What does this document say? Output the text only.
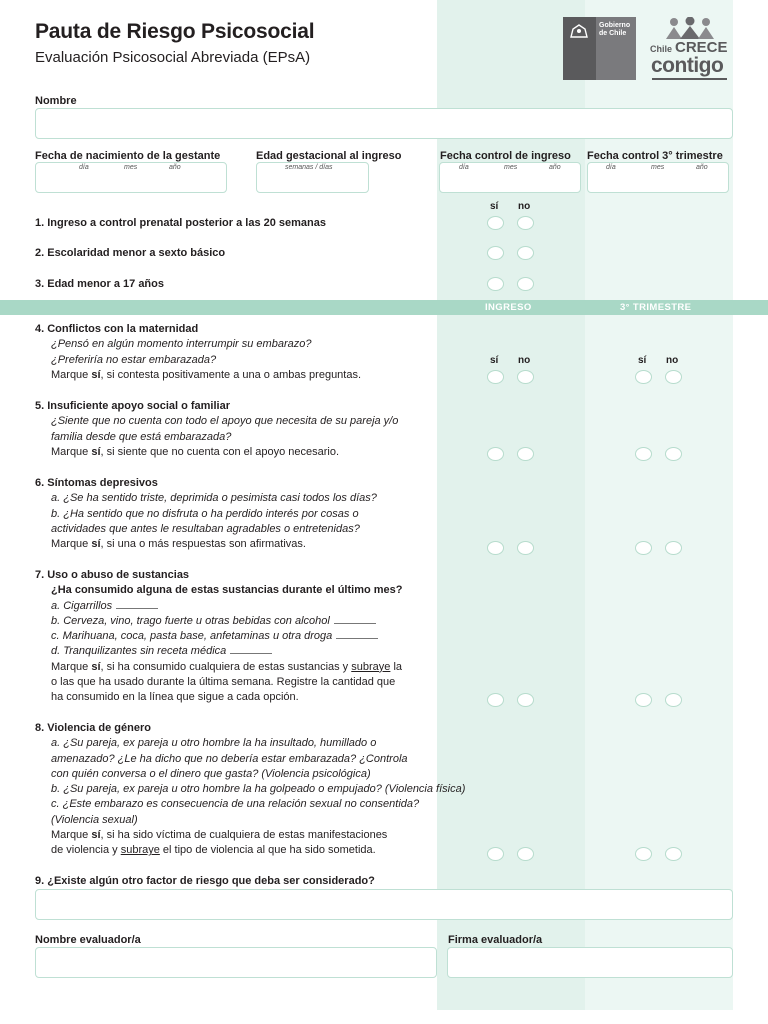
Pauta de Riesgo Psicosocial
Evaluación Psicosocial Abreviada (EPsA)
Gobierno de Chile
Chile CRECE
contigo
Nombre
Fecha de nacimiento de la gestante
día	mes	año
Edad gestacional al ingreso
semanas / días
Fecha control de ingreso
día	mes	año
Fecha control 3° trimestre
día	mes	año
sí no
1. Ingreso a control prenatal posterior a las 20 semanas
2. Escolaridad menor a sexto básico
3. Edad menor a 17 años
INGRESO	3° TRIMESTRE
4. Conflictos con la maternidad
¿Pensó en algún momento interrumpir su embarazo?
¿Preferiría no estar embarazada?
Marque sí, si contesta positivamente a una o ambas preguntas.
sí no	sí no
5. Insuficiente apoyo social o familiar
¿Siente que no cuenta con todo el apoyo que necesita de su pareja y/o
familia desde que está embarazada?
Marque sí, si siente que no cuenta con el apoyo necesario.
6. Síntomas depresivos
a. ¿Se ha sentido triste, deprimida o pesimista casi todos los días?
b. ¿Ha sentido que no disfruta o ha perdido interés por cosas o
actividades que antes le resultaban agradables o entretenidas?
Marque sí, si una o más respuestas son afirmativas.
7. Uso o abuso de sustancias
¿Ha consumido alguna de estas sustancias durante el último mes?
a. Cigarrillos
b. Cerveza, vino, trago fuerte u otras bebidas con alcohol
c. Marihuana, coca, pasta base, anfetaminas u otra droga
d. Tranquilizantes sin receta médica
Marque sí, si ha consumido cualquiera de estas sustancias y subraye la
o las que ha usado durante la última semana. Registre la cantidad que
ha consumido en la línea que sigue a cada opción.
8. Violencia de género
a. ¿Su pareja, ex pareja u otro hombre la ha insultado, humillado o
amenazado? ¿Le ha dicho que no debería estar embarazada? ¿Controla
con quién conversa o el dinero que gasta? (Violencia psicológica)
b. ¿Su pareja, ex pareja u otro hombre la ha golpeado o empujado? (Violencia física)
c. ¿Este embarazo es consecuencia de una relación sexual no consentida?
(Violencia sexual)
Marque sí, si ha sido víctima de cualquiera de estas manifestaciones
de violencia y subraye el tipo de violencia al que ha sido sometida.
9. ¿Existe algún otro factor de riesgo que deba ser considerado?
Nombre evaluador/a	Firma evaluador/a
